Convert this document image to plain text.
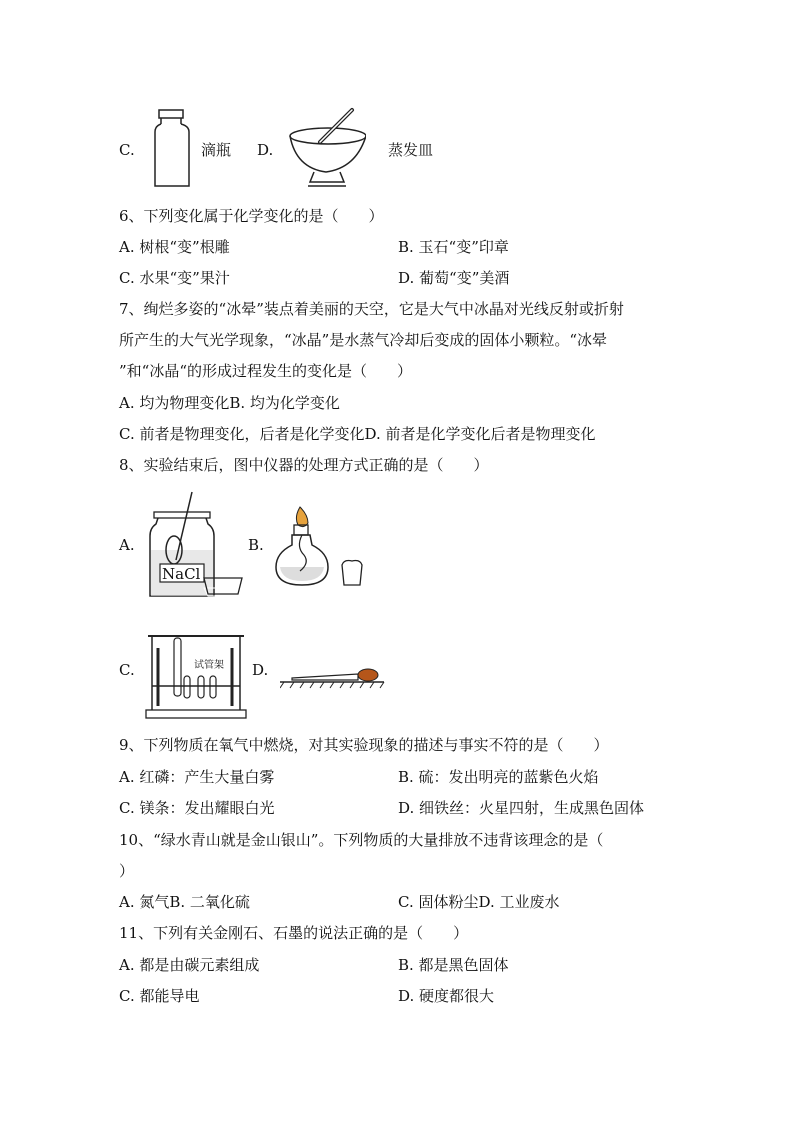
C.	滴瓶 D.	蒸发皿
6、下列变化属于化学变化的是（　　）
A. 树根“变”根雕	B. 玉石“变”印章
C. 水果“变”果汁	D. 葡萄“变”美酒
7、绚烂多姿的“冰晕”装点着美丽的天空，它是大气中冰晶对光线反射或折射
所产生的大气光学现象，“冰晶”是水蒸气冷却后变成的固体小颗粒。“冰晕
”和“冰晶“的形成过程发生的变化是（　　）
A. 均为物理变化B. 均为化学变化
C. 前者是物理变化，后者是化学变化D. 前者是化学变化后者是物理变化
8、实验结束后，图中仪器的处理方式正确的是（　　）
A.
NaCl
B.
C.	试管架 D.
9、下列物质在氧气中燃烧，对其实验现象的描述与事实不符的是（　　）
A. 红磷：产生大量白雾	B. 硫：发出明亮的蓝紫色火焰
C. 镁条：发出耀眼白光	D. 细铁丝：火星四射，生成黑色固体
10、“绿水青山就是金山银山”。下列物质的大量排放不违背该理念的是（
）
A. 氮气B. 二氧化硫	C. 固体粉尘D. 工业废水
11、下列有关金刚石、石墨的说法正确的是（　　）
A. 都是由碳元素组成	B. 都是黑色固体
C. 都能导电	D. 硬度都很大
